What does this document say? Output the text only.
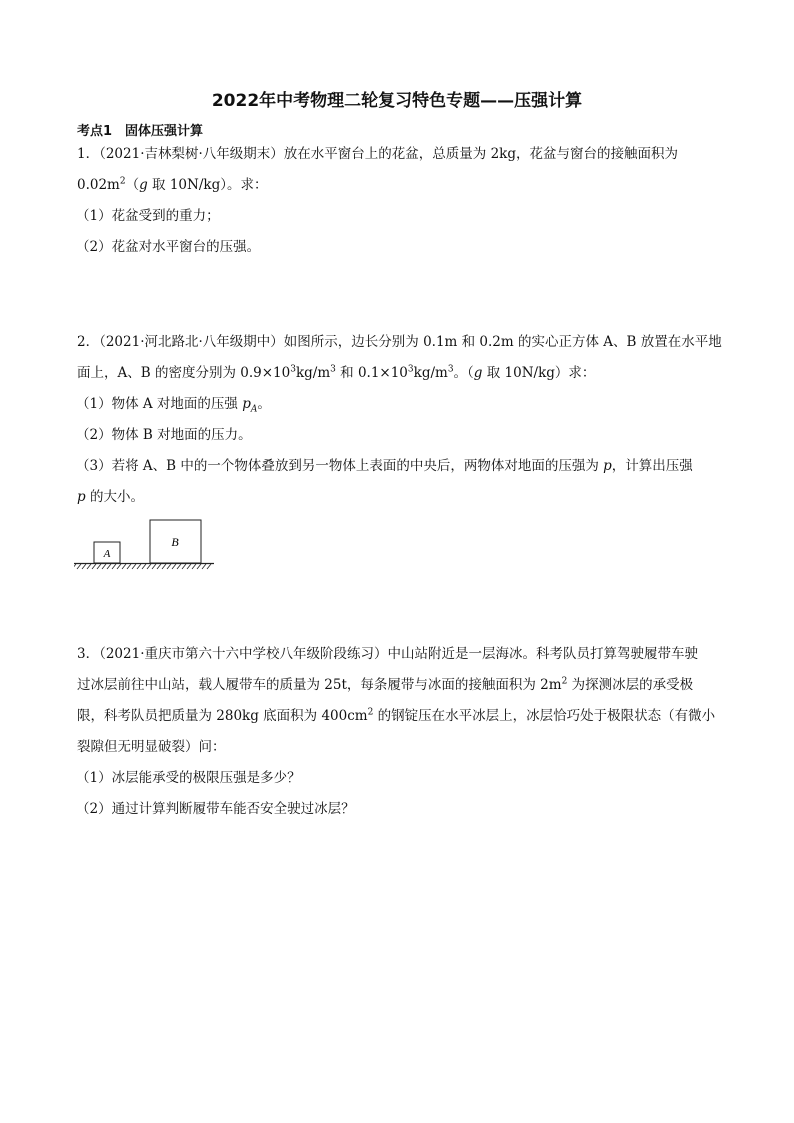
2022年中考物理二轮复习特色专题——压强计算
考点1　固体压强计算
1．（2021·吉林梨树·八年级期末）放在水平窗台上的花盆，总质量为 2kg，花盆与窗台的接触面积为
$0.02m^2(g$ 取 10N/kg）。求：
（1）花盆受到的重力；
（2）花盆对水平窗台的压强。
2．（2021·河北路北·八年级期中）如图所示，边长分别为 0.1m 和 0.2m 的实心正方体 A、B 放置在水平地
面上，A、B 的密度分别为 $0.9\times 10^3kg/m^3$ 和 $0.1\times 10^3kg/m^3$。（g 取 10N/kg）求：
（1）物体 A 对地面的压强 $p_A$。
（2）物体 B 对地面的压力。
（3）若将 A、B 中的一个物体叠放到另一物体上表面的中央后，两物体对地面的压强为 p，计算出压强
p 的大小。
A
B
3．（2021·重庆市第六十六中学校八年级阶段练习）中山站附近是一层海冰。科考队员打算驾驶履带车驶
过冰层前往中山站，载人履带车的质量为 25t，每条履带与冰面的接触面积为 $2m^2$ 为探测冰层的承受极
限，科考队员把质量为 280kg 底面积为 $400cm^2$ 的钢锭压在水平冰层上，冰层恰巧处于极限状态（有微小
裂隙但无明显破裂）问：
（1）冰层能承受的极限压强是多少？
（2）通过计算判断履带车能否安全驶过冰层？
